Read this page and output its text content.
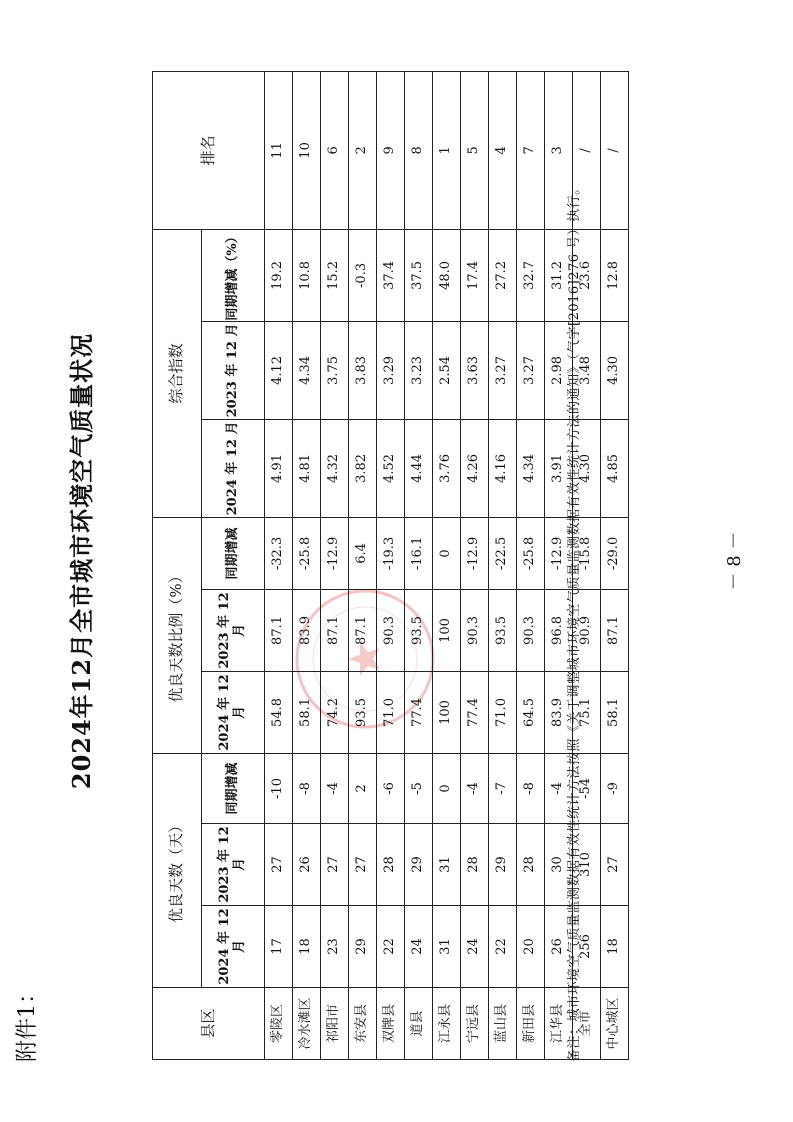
附件1：
2024年12月全市城市环境空气质量状况
县区	优良天数（天）			优良天数比例（%）			综合指数			排名
	2024 年 12 月	2023 年 12 月	同期增减	2024 年 12 月	2023 年 12 月	同期增减	2024 年 12 月	2023 年 12 月	同期增减（%）	
零陵区	17	27	-10	54.8	87.1	-32.3	4.91	4.12	19.2	11
冷水滩区	18	26	-8	58.1	83.9	-25.8	4.81	4.34	10.8	10
祁阳市	23	27	-4	74.2	87.1	-12.9	4.32	3.75	15.2	6
东安县	29	27	2	93.5	87.1	6.4	3.82	3.83	-0.3	2
双牌县	22	28	-6	71.0	90.3	-19.3	4.52	3.29	37.4	9
道县	24	29	-5	77.4	93.5	-16.1	4.44	3.23	37.5	8
江永县	31	31	0	100	100	0	3.76	2.54	48.0	1
宁远县	24	28	-4	77.4	90.3	-12.9	4.26	3.63	17.4	5
蓝山县	22	29	-7	71.0	93.5	-22.5	4.16	3.27	27.2	4
新田县	20	28	-8	64.5	90.3	-25.8	4.34	3.27	32.7	7
江华县	26	30	-4	83.9	96.8	-12.9	3.91	2.98	31.2	3
全市	256	310	-54	75.1	90.9	-15.8	4.30	3.48	23.6	/
中心城区	18	27	-9	58.1	87.1	-29.0	4.85	4.30	12.8	/
备注：城市环境空气质量监测数据有效性统计方法按照《关于调整城市环境空气质量监测数据有效性统计方法的通知》（气字[2016]276 号）执行。	－ 8 －
